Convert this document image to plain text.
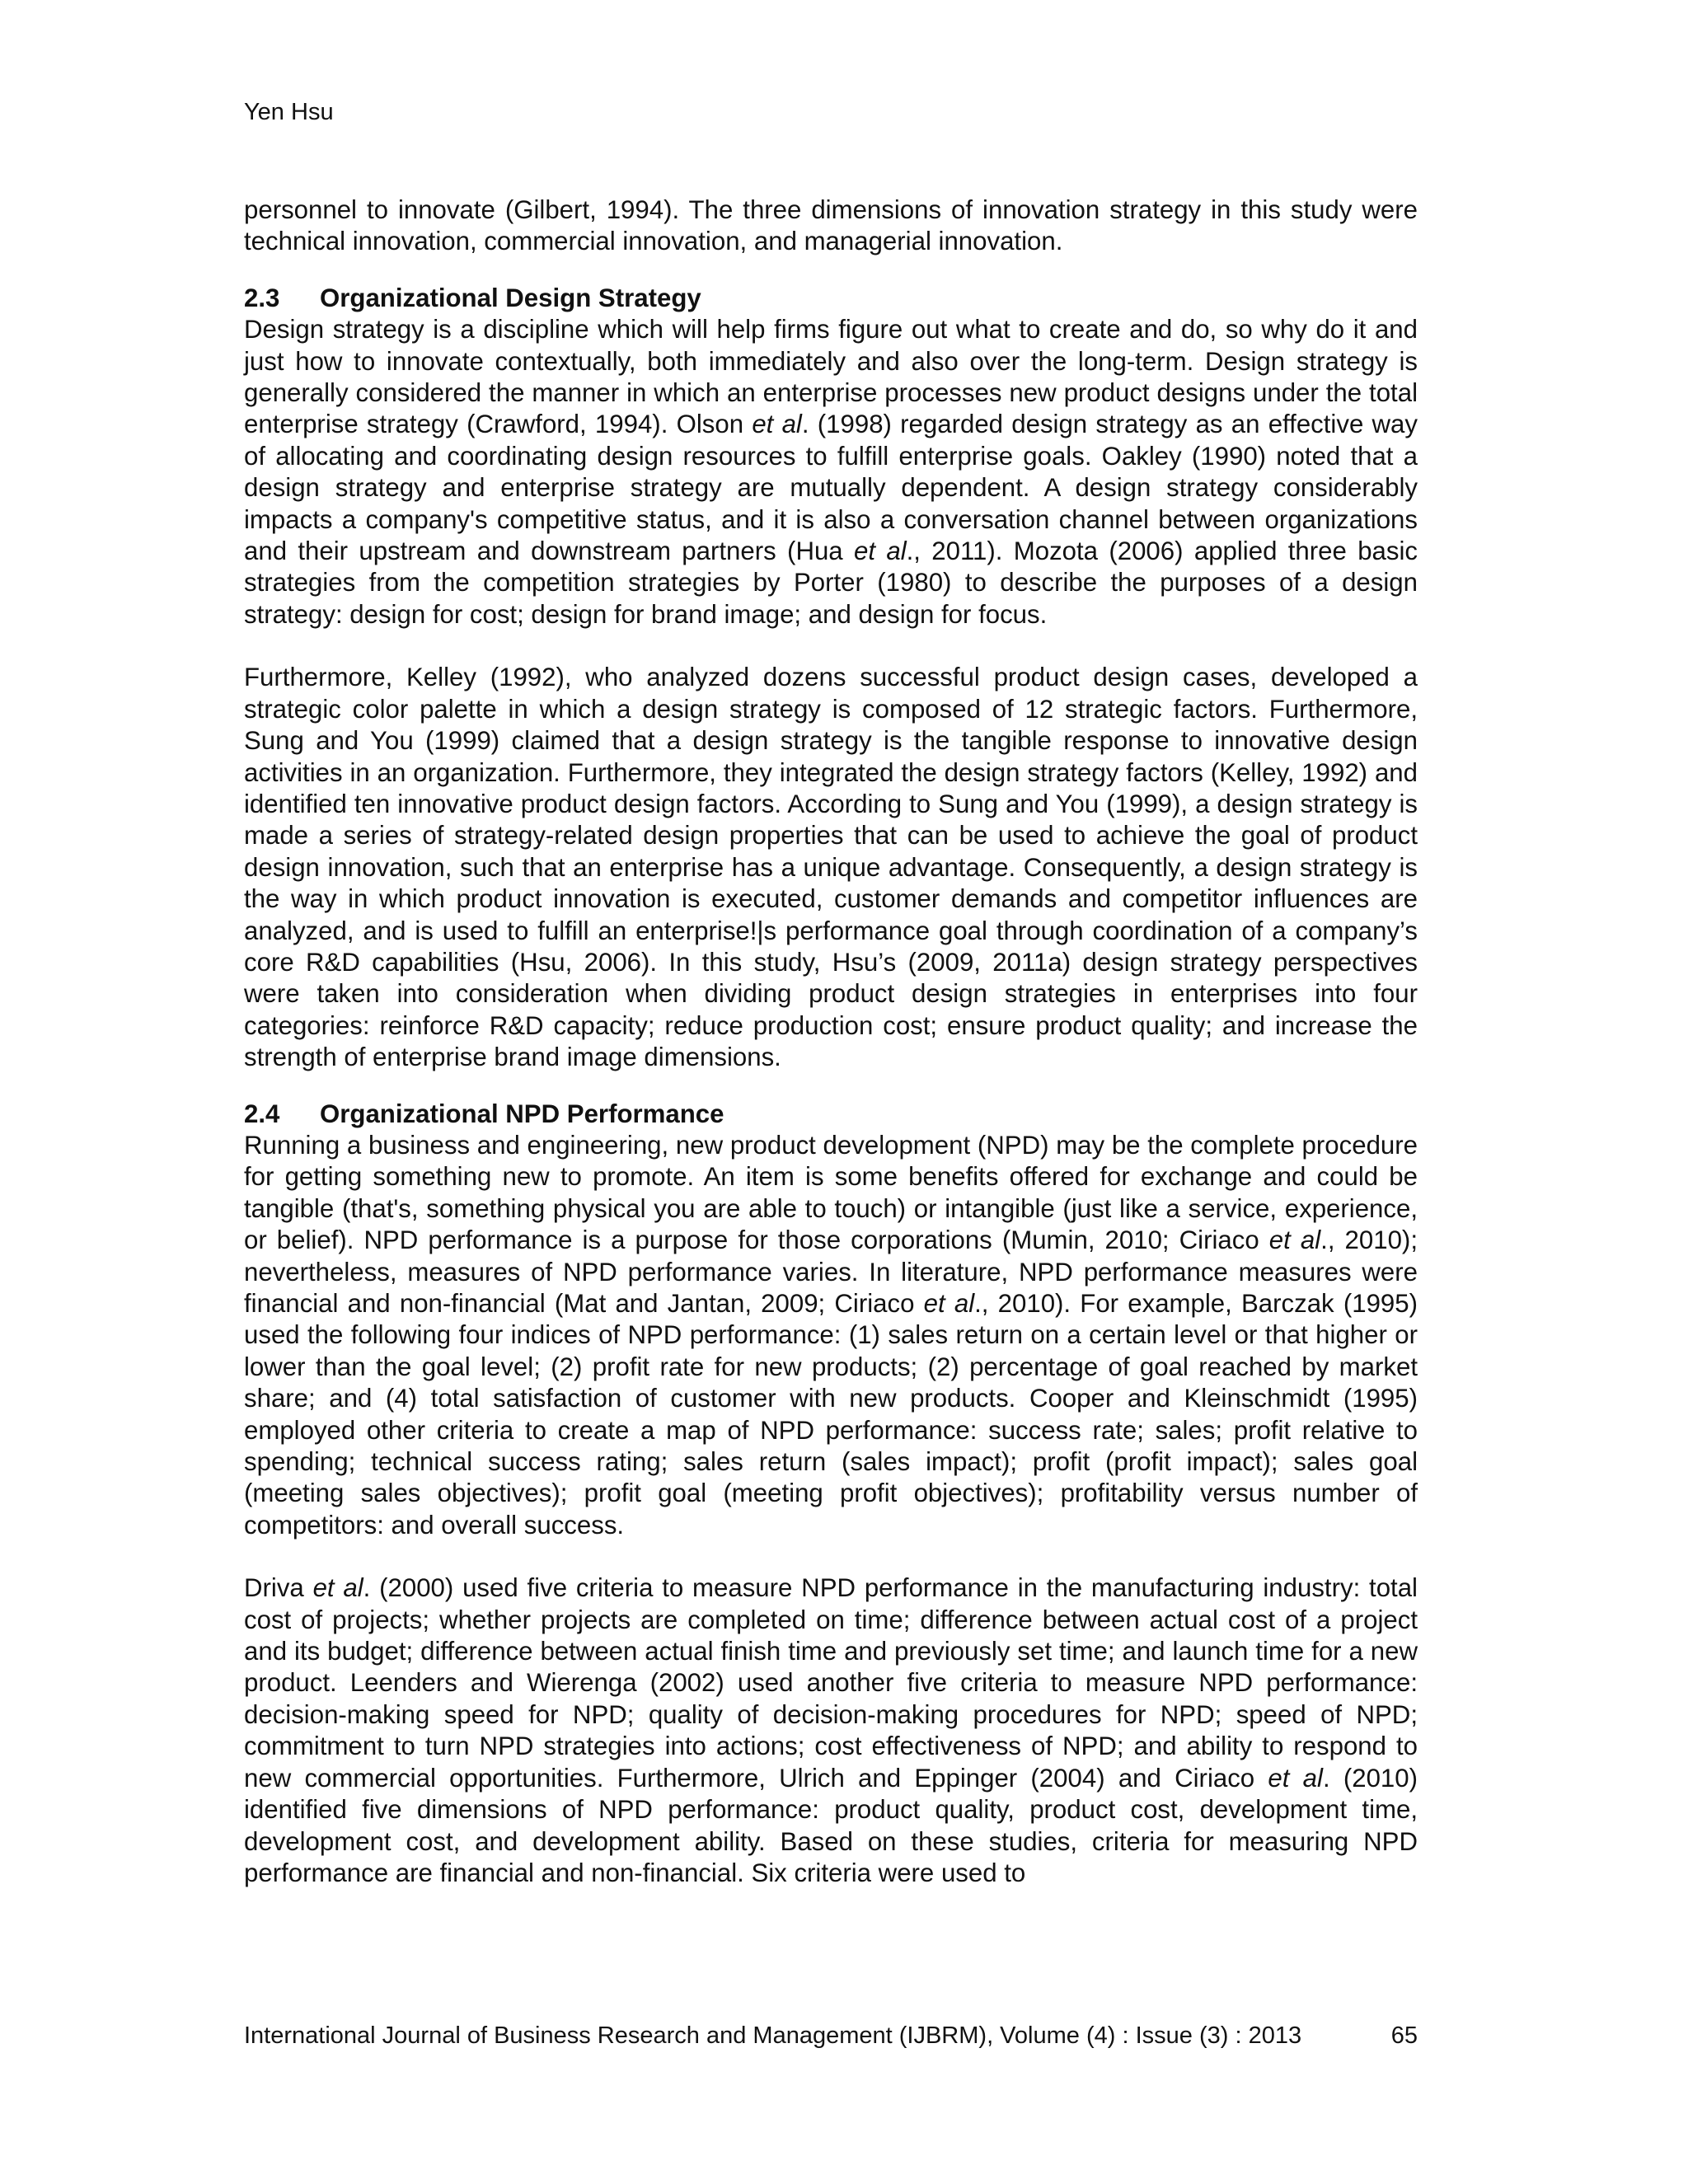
Yen Hsu

personnel to innovate (Gilbert, 1994). The three dimensions of innovation strategy in this study were technical innovation, commercial innovation, and managerial innovation.

2.3 Organizational Design Strategy

Design strategy is a discipline which will help firms figure out what to create and do, so why do it and just how to innovate contextually, both immediately and also over the long-term. Design strategy is generally considered the manner in which an enterprise processes new product designs under the total enterprise strategy (Crawford, 1994). Olson et al. (1998) regarded design strategy as an effective way of allocating and coordinating design resources to fulfill enterprise goals. Oakley (1990) noted that a design strategy and enterprise strategy are mutually dependent. A design strategy considerably impacts a company's competitive status, and it is also a conversation channel between organizations and their upstream and downstream partners (Hua et al., 2011). Mozota (2006) applied three basic strategies from the competition strategies by Porter (1980) to describe the purposes of a design strategy: design for cost; design for brand image; and design for focus.

Furthermore, Kelley (1992), who analyzed dozens successful product design cases, developed a strategic color palette in which a design strategy is composed of 12 strategic factors. Furthermore, Sung and You (1999) claimed that a design strategy is the tangible response to innovative design activities in an organization. Furthermore, they integrated the design strategy factors (Kelley, 1992) and identified ten innovative product design factors. According to Sung and You (1999), a design strategy is made a series of strategy-related design properties that can be used to achieve the goal of product design innovation, such that an enterprise has a unique advantage. Consequently, a design strategy is the way in which product innovation is executed, customer demands and competitor influences are analyzed, and is used to fulfill an enterprise!|s performance goal through coordination of a company’s core R&D capabilities (Hsu, 2006). In this study, Hsu’s (2009, 2011a) design strategy perspectives were taken into consideration when dividing product design strategies in enterprises into four categories: reinforce R&D capacity; reduce production cost; ensure product quality; and increase the strength of enterprise brand image dimensions.

2.4 Organizational NPD Performance

Running a business and engineering, new product development (NPD) may be the complete procedure for getting something new to promote. An item is some benefits offered for exchange and could be tangible (that's, something physical you are able to touch) or intangible (just like a service, experience, or belief). NPD performance is a purpose for those corporations (Mumin, 2010; Ciriaco et al., 2010); nevertheless, measures of NPD performance varies. In literature, NPD performance measures were financial and non-financial (Mat and Jantan, 2009; Ciriaco et al., 2010). For example, Barczak (1995) used the following four indices of NPD performance: (1) sales return on a certain level or that higher or lower than the goal level; (2) profit rate for new products; (2) percentage of goal reached by market share; and (4) total satisfaction of customer with new products. Cooper and Kleinschmidt (1995) employed other criteria to create a map of NPD performance: success rate; sales; profit relative to spending; technical success rating; sales return (sales impact); profit (profit impact); sales goal (meeting sales objectives); profit goal (meeting profit objectives); profitability versus number of competitors: and overall success.

Driva et al. (2000) used five criteria to measure NPD performance in the manufacturing industry: total cost of projects; whether projects are completed on time; difference between actual cost of a project and its budget; difference between actual finish time and previously set time; and launch time for a new product. Leenders and Wierenga (2002) used another five criteria to measure NPD performance: decision-making speed for NPD; quality of decision-making procedures for NPD; speed of NPD; commitment to turn NPD strategies into actions; cost effectiveness of NPD; and ability to respond to new commercial opportunities. Furthermore, Ulrich and Eppinger (2004) and Ciriaco et al. (2010) identified five dimensions of NPD performance: product quality, product cost, development time, development cost, and development ability. Based on these studies, criteria for measuring NPD performance are financial and non-financial. Six criteria were used to

International Journal of Business Research and Management (IJBRM), Volume (4) : Issue (3) : 2013	65
